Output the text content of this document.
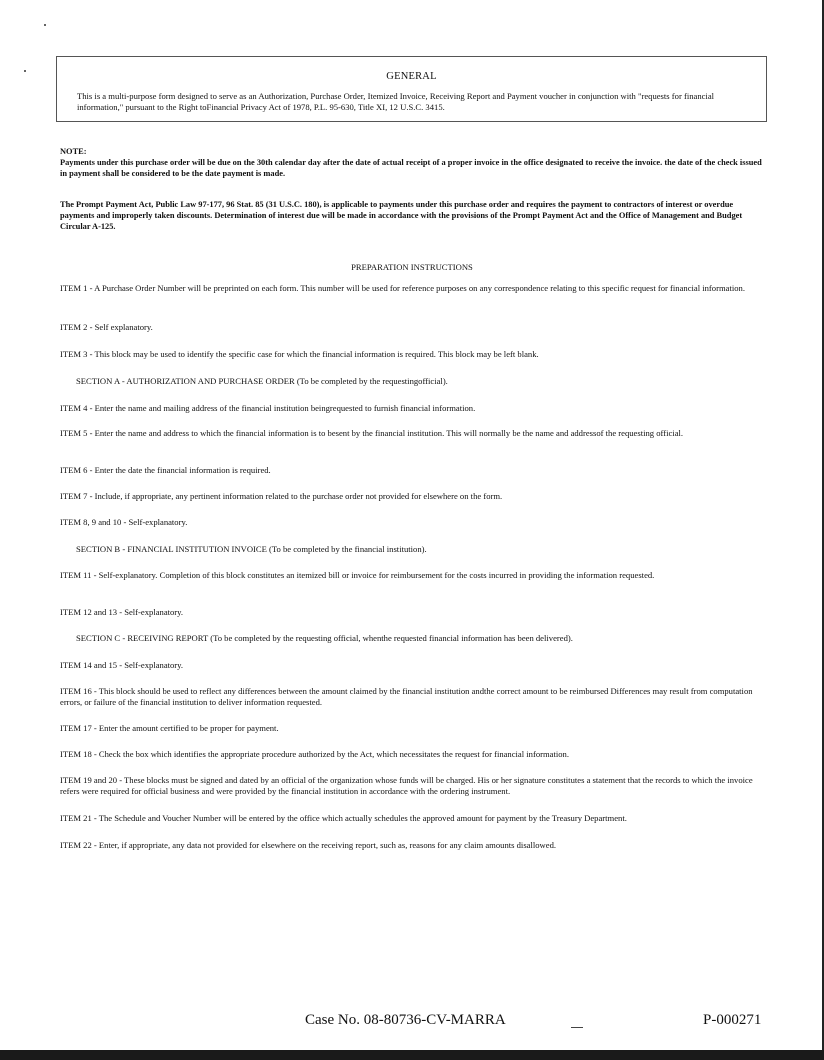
GENERAL
This is a multi-purpose form designed to serve as an Authorization, Purchase Order, Itemized Invoice, Receiving Report and Payment voucher in conjunction with "requests for financial information," pursuant to the Right toFinancial Privacy Act of 1978, P.L. 95-630, Title XI, 12 U.S.C. 3415.
NOTE:
Payments under this purchase order will be due on the 30th calendar day after the date of actual receipt of a proper invoice in the office designated to receive the invoice. the date of the check issued in payment shall be considered to be the date payment is made.
The Prompt Payment Act, Public Law 97-177, 96 Stat. 85 (31 U.S.C. 180), is applicable to payments under this purchase order and requires the payment to contractors of interest or overdue payments and improperly taken discounts. Determination of interest due will be made in accordance with the provisions of the Prompt Payment Act and the Office of Management and Budget Circular A-125.
PREPARATION INSTRUCTIONS
ITEM 1 - A Purchase Order Number will be preprinted on each form. This number will be used for reference purposes on any correspondence relating to this specific request for financial information.
ITEM 2 - Self explanatory.
ITEM 3 - This block may be used to identify the specific case for which the financial information is required. This block may be left blank.
SECTION A - AUTHORIZATION AND PURCHASE ORDER (To be completed by the requestingofficial).
ITEM 4 - Enter the name and mailing address of the financial institution beingrequested to furnish financial information.
ITEM 5 - Enter the name and address to which the financial information is to besent by the financial institution. This will normally be the name and addressof the requesting official.
ITEM 6 - Enter the date the financial information is required.
ITEM 7 - Include, if appropriate, any pertinent information related to the purchase order not provided for elsewhere on the form.
ITEM 8, 9 and 10 - Self-explanatory.
SECTION B - FINANCIAL INSTITUTION INVOICE (To be completed by the financial institution).
ITEM 11 - Self-explanatory. Completion of this block constitutes an itemized bill or invoice for reimbursement for the costs incurred in providing the information requested.
ITEM 12 and 13 - Self-explanatory.
SECTION C - RECEIVING REPORT (To be completed by the requesting official, whenthe requested financial information has been delivered).
ITEM 14 and 15 - Self-explanatory.
ITEM 16 - This block should be used to reflect any differences between the amount claimed by the financial institution andthe correct amount to be reimbursed Differences may result from computation errors, or failure of the financial institution to deliver information requested.
ITEM 17 - Enter the amount certified to be proper for payment.
ITEM 18 - Check the box which identifies the appropriate procedure authorized by the Act, which necessitates the request for financial information.
ITEM 19 and 20 - These blocks must be signed and dated by an official of the organization whose funds will be charged. His or her signature constitutes a statement that the records to which the invoice refers were required for official business and were provided by the financial institution in accordance with the ordering instrument.
ITEM 21 - The Schedule and Voucher Number will be entered by the office which actually schedules the approved amount for payment by the Treasury Department.
ITEM 22 - Enter, if appropriate, any data not provided for elsewhere on the receiving report, such as, reasons for any claim amounts disallowed.
Case No. 08-80736-CV-MARRA	P-000271
